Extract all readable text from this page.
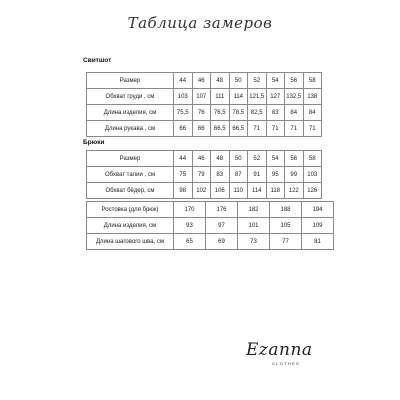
Таблица замеров
Свитшот
Размер	44	46	48	50	52	54	56	58
Обхват груди , см	103	107	111	114	121,5	127	132,5	138
Длина изделия, см	75,5	76	76,5	78,5	82,5	83	84	84
Длина рукава , см	66	66	66,5	66,5	71	71	71	71
Брюки
Размер	44	46	48	50	52	54	56	58
Обхват талии , см	75	79	83	87	91	95	99	103
Обхват бёдер, см	98	102	106	110	114	118	122	126
Ростовка (для брюк)	170	176	182	188	194
Длина изделия, см	93	97	101	105	109
Длина шагового шва, см	65	69	73	77	81
Ezanna
CLOTHES
